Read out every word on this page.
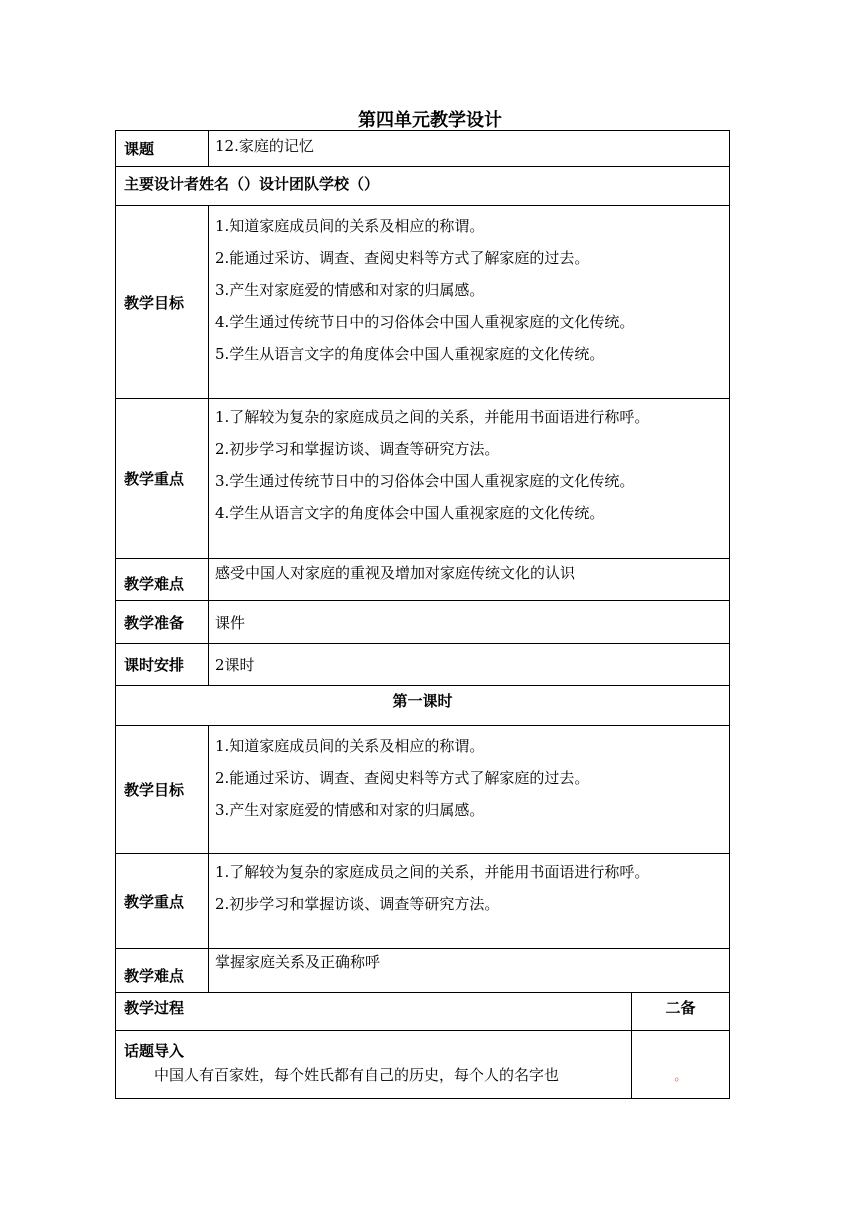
第四单元教学设计
课题	12.家庭的记忆	
主要设计者姓名（）设计团队学校（）		
教学目标	1.知道家庭成员间的关系及相应的称谓。
2.能通过采访、调查、查阅史料等方式了解家庭的过去。
3.产生对家庭爱的情感和对家的归属感。
4.学生通过传统节日中的习俗体会中国人重视家庭的文化传统。
5.学生从语言文字的角度体会中国人重视家庭的文化传统。	

教学重点	1.了解较为复杂的家庭成员之间的关系，并能用书面语进行称呼。
2.初步学习和掌握访谈、调查等研究方法。
3.学生通过传统节日中的习俗体会中国人重视家庭的文化传统。
4.学生从语言文字的角度体会中国人重视家庭的文化传统。	

教学难点	感受中国人对家庭的重视及增加对家庭传统文化的认识	
教学准备	课件	
课时安排	2课时	
第一课时		
教学目标	1.知道家庭成员间的关系及相应的称谓。
2.能通过采访、调查、查阅史料等方式了解家庭的过去。
3.产生对家庭爱的情感和对家的归属感。	

教学重点	1.了解较为复杂的家庭成员之间的关系，并能用书面语进行称呼。
2.初步学习和掌握访谈、调查等研究方法。	

教学难点	掌握家庭关系及正确称呼	
教学过程		二备

话题导入
中国人有百家姓，每个姓氏都有自己的历史，每个人的名字也		。
